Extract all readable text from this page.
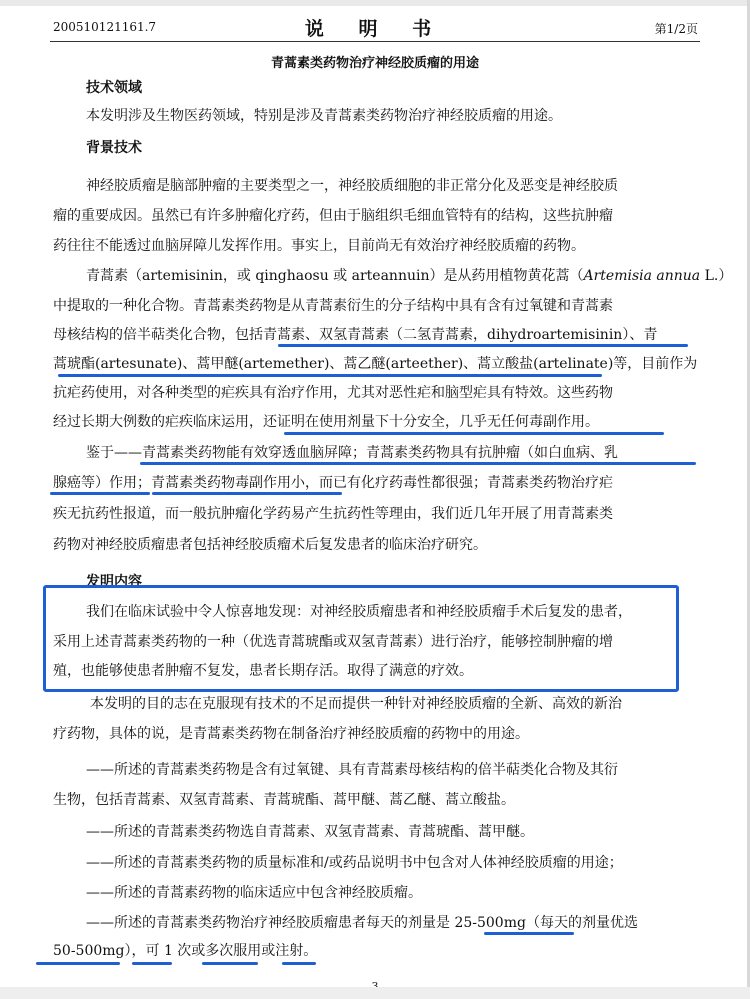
200510121161.7	说 明 书	第1/2页
青蒿素类药物治疗神经胶质瘤的用途
技术领域
本发明涉及生物医药领域，特别是涉及青蒿素类药物治疗神经胶质瘤的用途。
背景技术
神经胶质瘤是脑部肿瘤的主要类型之一，神经胶质细胞的非正常分化及恶变是神经胶质
瘤的重要成因。虽然已有许多肿瘤化疗药，但由于脑组织毛细血管特有的结构，这些抗肿瘤
药往往不能透过血脑屏障儿发挥作用。事实上，目前尚无有效治疗神经胶质瘤的药物。
青蒿素（artemisinin，或 qinghaosu 或 arteannuin）是从药用植物黄花蒿（Artemisia annua L.）
中提取的一种化合物。青蒿素类药物是从青蒿素衍生的分子结构中具有含有过氧键和青蒿素
母核结构的倍半萜类化合物，包括青蒿素、双氢青蒿素（二氢青蒿素，dihydroartemisinin）、青
蒿琥酯(artesunate)、蒿甲醚(artemether)、蒿乙醚(arteether)、蒿立酸盐(artelinate)等，目前作为
抗疟药使用，对各种类型的疟疾具有治疗作用，尤其对恶性疟和脑型疟具有特效。这些药物
经过长期大例数的疟疾临床运用，还证明在使用剂量下十分安全，几乎无任何毒副作用。
鉴于——青蒿素类药物能有效穿透血脑屏障；青蒿素类药物具有抗肿瘤（如白血病、乳
腺癌等）作用；青蒿素类药物毒副作用小，而已有化疗药毒性都很强；青蒿素类药物治疗疟
疾无抗药性报道，而一般抗肿瘤化学药易产生抗药性等理由，我们近几年开展了用青蒿素类
药物对神经胶质瘤患者包括神经胶质瘤术后复发患者的临床治疗研究。
发明内容
我们在临床试验中令人惊喜地发现：对神经胶质瘤患者和神经胶质瘤手术后复发的患者，
采用上述青蒿素类药物的一种（优选青蒿琥酯或双氢青蒿素）进行治疗，能够控制肿瘤的增
殖，也能够使患者肿瘤不复发，患者长期存活。取得了满意的疗效。
本发明的目的志在克服现有技术的不足而提供一种针对神经胶质瘤的全新、高效的新治
疗药物，具体的说，是青蒿素类药物在制备治疗神经胶质瘤的药物中的用途。
——所述的青蒿素类药物是含有过氧键、具有青蒿素母核结构的倍半萜类化合物及其衍
生物，包括青蒿素、双氢青蒿素、青蒿琥酯、蒿甲醚、蒿乙醚、蒿立酸盐。
——所述的青蒿素类药物选自青蒿素、双氢青蒿素、青蒿琥酯、蒿甲醚。
——所述的青蒿素类药物的质量标准和/或药品说明书中包含对人体神经胶质瘤的用途；
——所述的青蒿素药物的临床适应中包含神经胶质瘤。
——所述的青蒿素类药物治疗神经胶质瘤患者每天的剂量是 25-500mg（每天的剂量优选
50-500mg），可 1 次或多次服用或注射。
